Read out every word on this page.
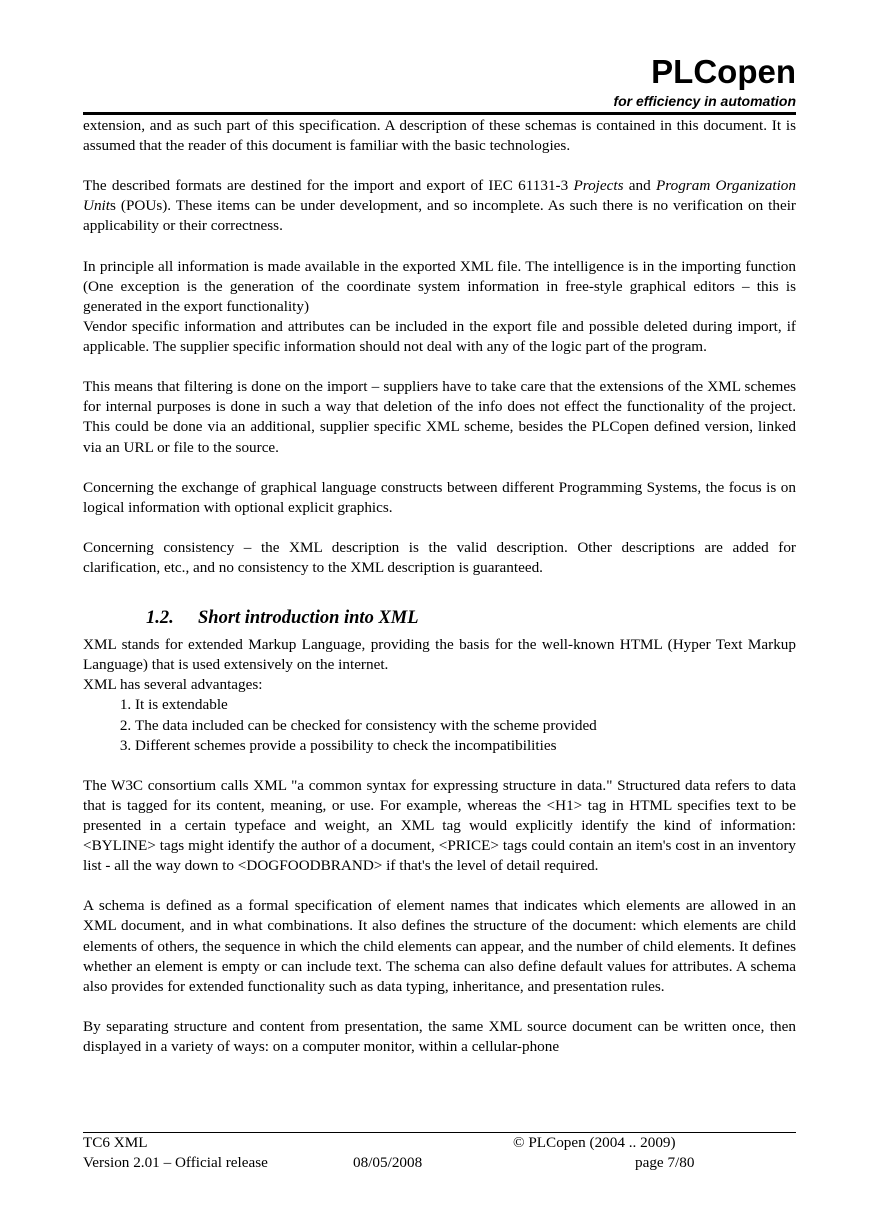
PLCopen
for efficiency in automation

extension, and as such part of this specification. A description of these schemas is contained in this document. It is assumed that the reader of this document is familiar with the basic technologies.

The described formats are destined for the import and export of IEC 61131-3 Projects and Program Organization Units (POUs). These items can be under development, and so incomplete. As such there is no verification on their applicability or their correctness.

In principle all information is made available in the exported XML file. The intelligence is in the importing function (One exception is the generation of the coordinate system information in free-style graphical editors – this is generated in the export functionality)

Vendor specific information and attributes can be included in the export file and possible deleted during import, if applicable. The supplier specific information should not deal with any of the logic part of the program.

This means that filtering is done on the import – suppliers have to take care that the extensions of the XML schemes for internal purposes is done in such a way that deletion of the info does not effect the functionality of the project. This could be done via an additional, supplier specific XML scheme, besides the PLCopen defined version, linked via an URL or file to the source.

Concerning the exchange of graphical language constructs between different Programming Systems, the focus is on logical information with optional explicit graphics.

Concerning consistency – the XML description is the valid description. Other descriptions are added for clarification, etc., and no consistency to the XML description is guaranteed.

1.2. Short introduction into XML

XML stands for extended Markup Language, providing the basis for the well-known HTML (Hyper Text Markup Language) that is used extensively on the internet.

XML has several advantages:

1. It is extendable
2. The data included can be checked for consistency with the scheme provided
3. Different schemes provide a possibility to check the incompatibilities

The W3C consortium calls XML "a common syntax for expressing structure in data." Structured data refers to data that is tagged for its content, meaning, or use. For example, whereas the <H1> tag in HTML specifies text to be presented in a certain typeface and weight, an XML tag would explicitly identify the kind of information: <BYLINE> tags might identify the author of a document, <PRICE> tags could contain an item's cost in an inventory list - all the way down to <DOGFOODBRAND> if that's the level of detail required.

A schema is defined as a formal specification of element names that indicates which elements are allowed in an XML document, and in what combinations. It also defines the structure of the document: which elements are child elements of others, the sequence in which the child elements can appear, and the number of child elements. It defines whether an element is empty or can include text. The schema can also define default values for attributes. A schema also provides for extended functionality such as data typing, inheritance, and presentation rules.

By separating structure and content from presentation, the same XML source document can be written once, then displayed in a variety of ways: on a computer monitor, within a cellular-phone

TC6 XML	© PLCopen (2004 .. 2009)
Version 2.01 – Official release	08/05/2008	page 7/80
